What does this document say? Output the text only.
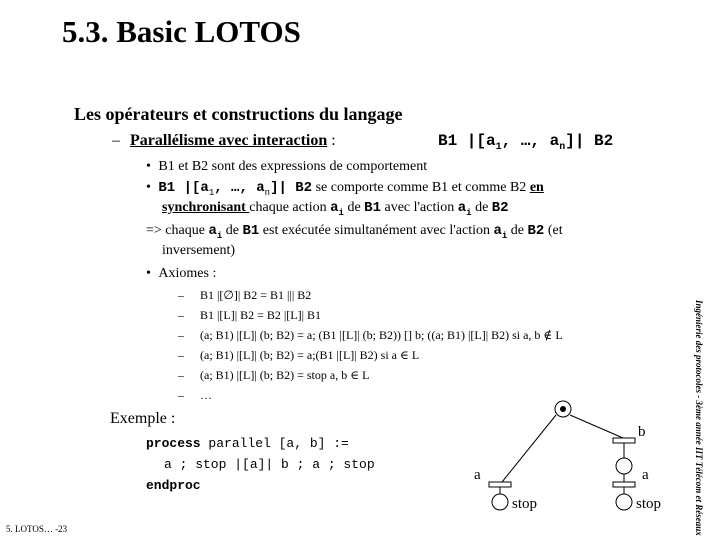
5.3. Basic LOTOS
Les opérateurs et constructions du langage
– Parallélisme avec interaction :	B1 $|[a_1$, …, $a_n]|$ B2
• B1 et B2 sont des expressions de comportement
• B1 $|[a_1$, …, $a_n]|$ B2 se comporte comme B1 et comme B2 en
synchronisant chaque action $a_i$ de B1 avec l'action $a_i$ de B2
=> chaque $a_i$ de B1 est exécutée simultanément avec l'action $a_i$ de B2 (et
inversement)
• Axiomes :
– B1 |[∅]| B2 = B1 ||| B2
– B1 |[L]| B2 = B2 |[L]| B1
– (a; B1) |[L]| (b; B2) = a; (B1 |[L]| (b; B2)) [] b; ((a; B1) |[L]| B2) si a, b ∉ L
– (a; B1) |[L]| (b; B2) = a;(B1 |[L]| B2) si a ∈ L
– (a; B1) |[L]| (b; B2) = stop a, b ∈ L
– …
Exemple :
process parallel [a, b] :=
a ; stop |[a]| b ; a ; stop
endproc
b
a	a
stop	stop	Ingénierie des protocoles - 3ème année IIT Télécom et Réseaux
5. LOTOS… -23
